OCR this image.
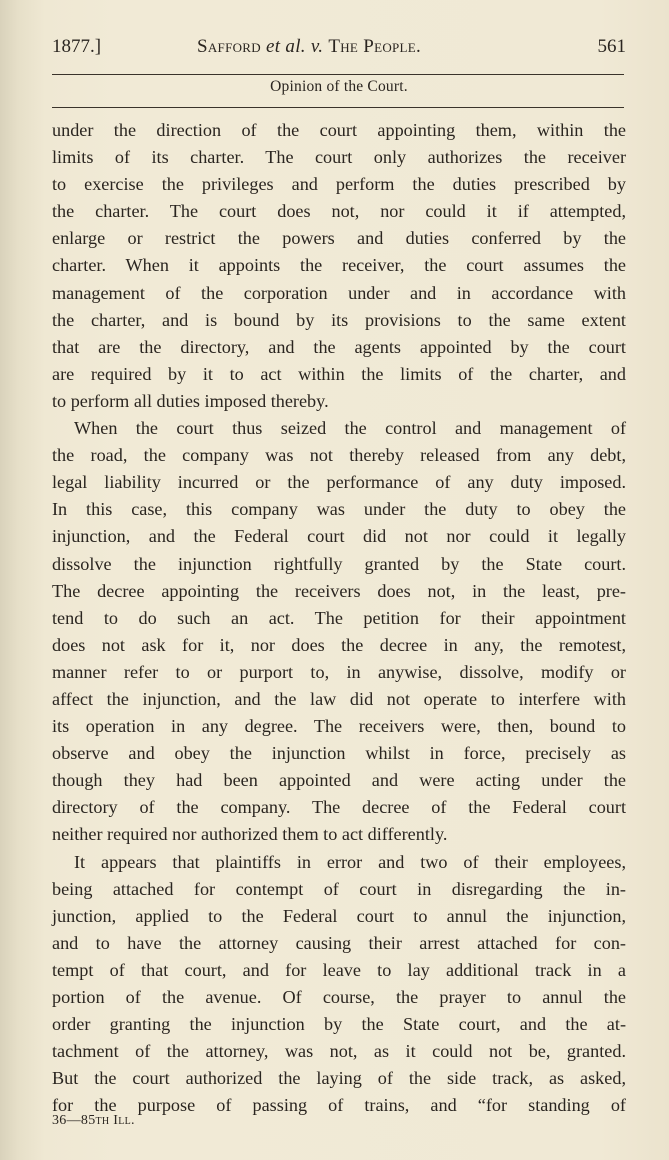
1877.]	Safford et al. v. The People.	561
Opinion of the Court.
under the direction of the court appointing them, within the
limits of its charter. The court only authorizes the receiver
to exercise the privileges and perform the duties prescribed by
the charter. The court does not, nor could it if attempted,
enlarge or restrict the powers and duties conferred by the
charter. When it appoints the receiver, the court assumes the
management of the corporation under and in accordance with
the charter, and is bound by its provisions to the same extent
that are the directory, and the agents appointed by the court
are required by it to act within the limits of the charter, and
to perform all duties imposed thereby.
When the court thus seized the control and management of
the road, the company was not thereby released from any debt,
legal liability incurred or the performance of any duty imposed.
In this case, this company was under the duty to obey the
injunction, and the Federal court did not nor could it legally
dissolve the injunction rightfully granted by the State court.
The decree appointing the receivers does not, in the least, pre-
tend to do such an act. The petition for their appointment
does not ask for it, nor does the decree in any, the remotest,
manner refer to or purport to, in anywise, dissolve, modify or
affect the injunction, and the law did not operate to interfere with
its operation in any degree. The receivers were, then, bound to
observe and obey the injunction whilst in force, precisely as
though they had been appointed and were acting under the
directory of the company. The decree of the Federal court
neither required nor authorized them to act differently.
It appears that plaintiffs in error and two of their employees,
being attached for contempt of court in disregarding the in-
junction, applied to the Federal court to annul the injunction,
and to have the attorney causing their arrest attached for con-
tempt of that court, and for leave to lay additional track in a
portion of the avenue. Of course, the prayer to annul the
order granting the injunction by the State court, and the at-
tachment of the attorney, was not, as it could not be, granted.
But the court authorized the laying of the side track, as asked,
for the purpose of passing of trains, and “for standing of
36—85th Ill.
